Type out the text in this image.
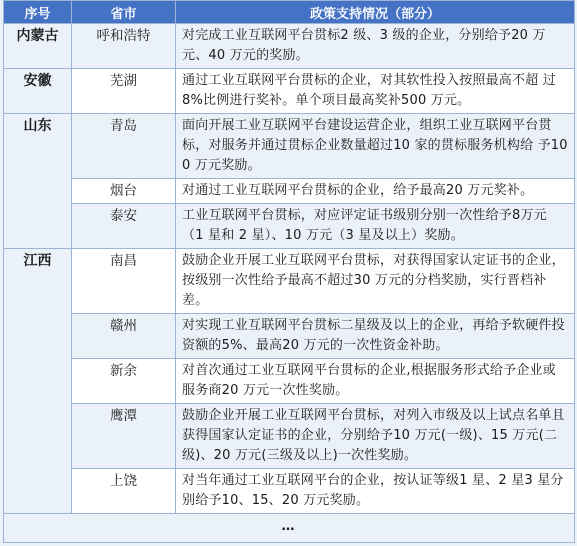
序号	省市	政策支持情况（部分）
内蒙古	呼和浩特	对完成工业互联网平台贯标2 级、3 级的企业，分别给予20 万元、40 万元的奖励。
安徽	芜湖	通过工业互联网平台贯标的企业，对其软性投入按照最高不超 过8%比例进行奖补。单个项目最高奖补500 万元。
山东	青岛	面向开展工业互联网平台建设运营企业，组织工业互联网平台贯标，对服务并通过贯标企业数量超过10 家的贯标服务机构给 予100 万元奖励。
	烟台	对通过工业互联网平台贯标的企业，给予最高20 万元奖补。
	泰安	工业互联网平台贯标，对应评定证书级别分别一次性给予8万元（1 星和 2 星）、10 万元（3 星及以上）奖励。
江西	南昌	鼓励企业开展工业互联网平台贯标，对获得国家认定证书的企业，按级别一次性给予最高不超过30 万元的分档奖励，实行晋档补差。
	赣州	对实现工业互联网平台贯标二星级及以上的企业，再给予软硬件投资额的5%、最高20 万元的一次性资金补助。
	新余	对首次通过工业互联网平台贯标的企业,根据服务形式给予企业或服务商20 万元一次性奖励。
	鹰潭	鼓励企业开展工业互联网平台贯标，对列入市级及以上试点名单且获得国家认定证书的企业，分别给予10 万元(一级)、15 万元(二级)、20 万元(三级及以上)一次性奖励。
	上饶	对当年通过工业互联网平台的企业，按认证等级1 星、2 星3 星分别给予10、15、20 万元奖励。
…		
